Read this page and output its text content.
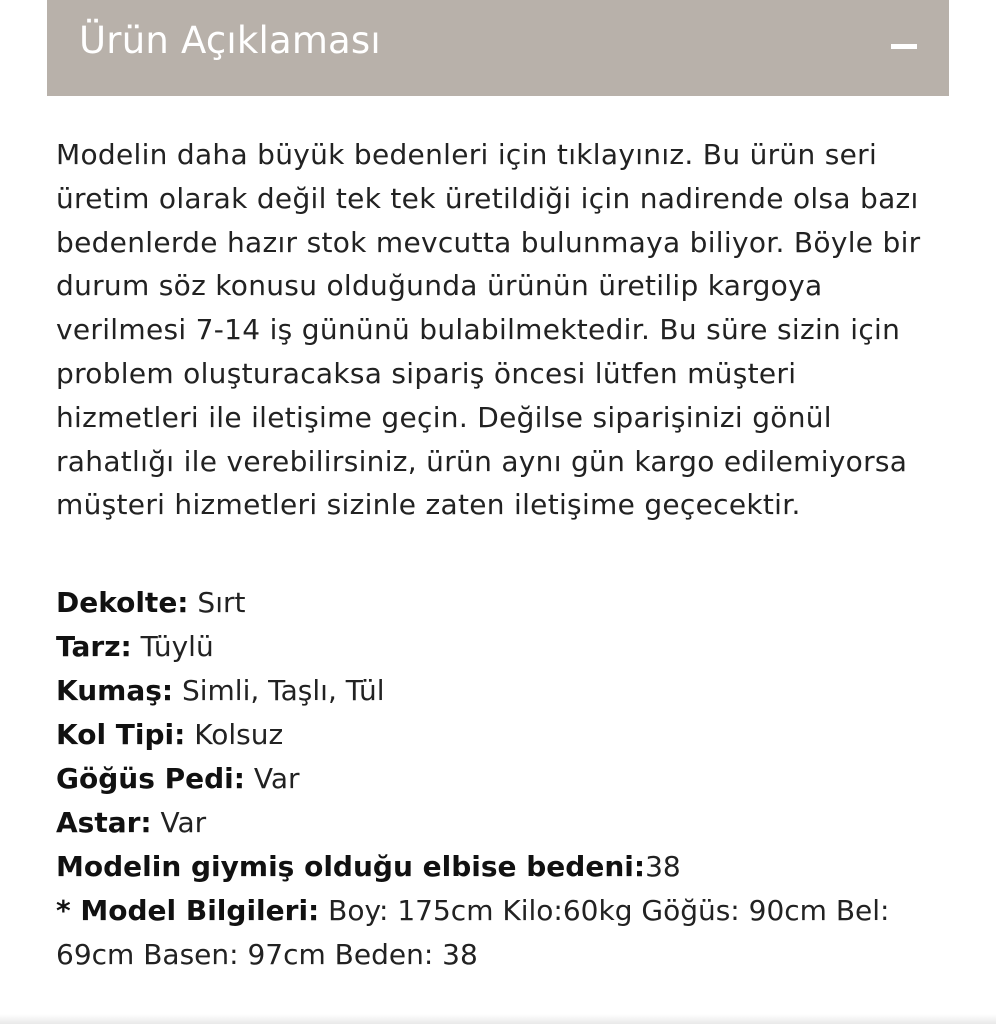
Ürün Açıklaması

Modelin daha büyük bedenleri için tıklayınız. Bu ürün seri üretim olarak değil tek tek üretildiği için nadirende olsa bazı bedenlerde hazır stok mevcutta bulunmaya biliyor. Böyle bir durum söz konusu olduğunda ürünün üretilip kargoya verilmesi 7-14 iş gününü bulabilmektedir. Bu süre sizin için problem oluşturacaksa sipariş öncesi lütfen müşteri hizmetleri ile iletişime geçin. Değilse siparişinizi gönül rahatlığı ile verebilirsiniz, ürün aynı gün kargo edilemiyorsa müşteri hizmetleri sizinle zaten iletişime geçecektir.

Dekolte: Sırt
Tarz: Tüylü
Kumaş: Simli, Taşlı, Tül
Kol Tipi: Kolsuz
Göğüs Pedi: Var
Astar: Var
Modelin giymiş olduğu elbise bedeni:38
* Model Bilgileri: Boy: 175cm Kilo:60kg Göğüs: 90cm Bel: 69cm Basen: 97cm Beden: 38
